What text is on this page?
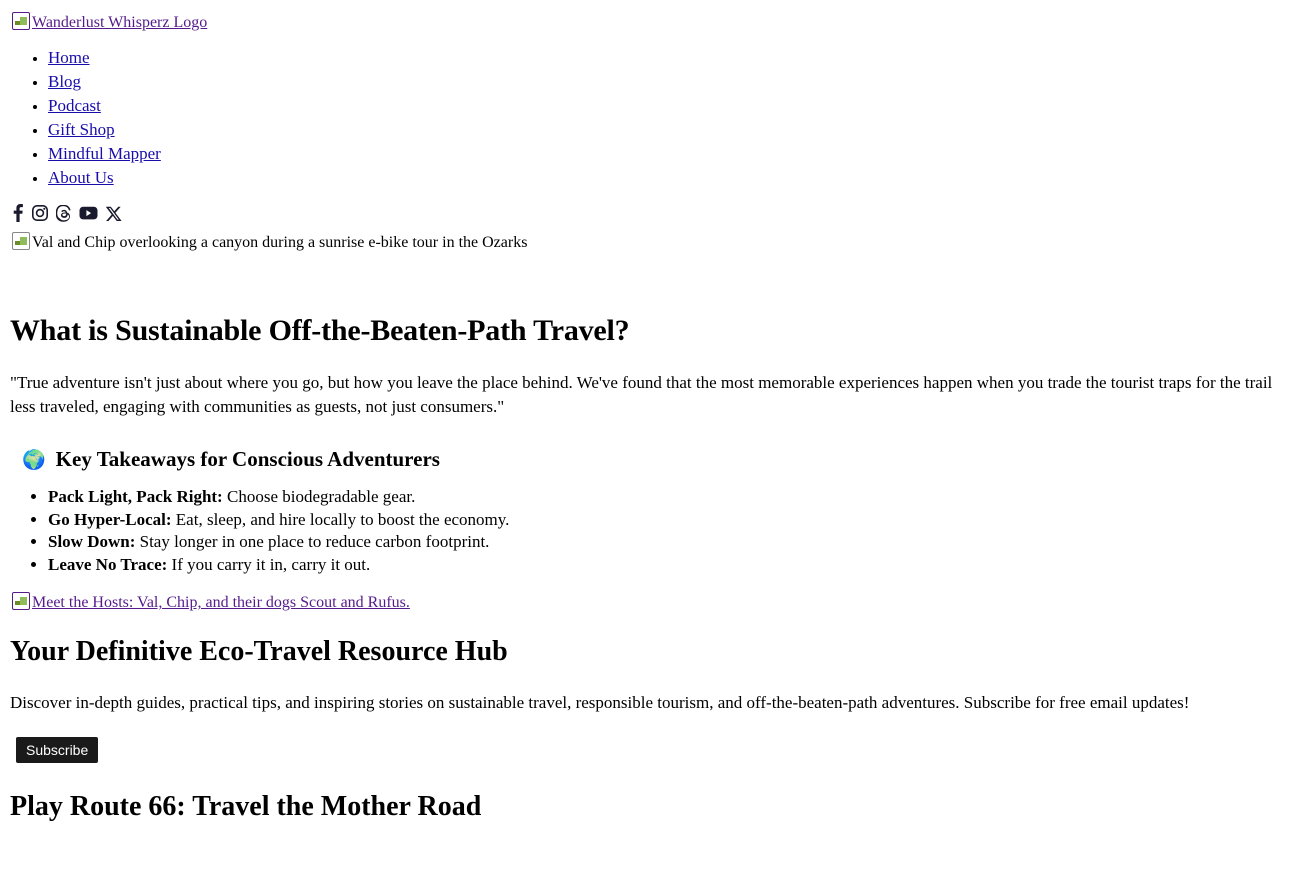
Wanderlust Whisperz Logo
• Home
• Blog
• Podcast
• Gift Shop
• Mindful Mapper
• About Us

Val and Chip overlooking a canyon during a sunrise e-bike tour in the Ozarks
What is Sustainable Off-the-Beaten-Path Travel?

"True adventure isn't just about where you go, but how you leave the place behind. We've found that the most memorable experiences happen when you trade the tourist traps for the trail less traveled, engaging with communities as guests, not just consumers."

🌍 Key Takeaways for Conscious Adventurers
• Pack Light, Pack Right: Choose biodegradable gear.
• Go Hyper-Local: Eat, sleep, and hire locally to boost the economy.
• Slow Down: Stay longer in one place to reduce carbon footprint.
• Leave No Trace: If you carry it in, carry it out.
Meet the Hosts: Val, Chip, and their dogs Scout and Rufus.
Your Definitive Eco-Travel Resource Hub

Discover in-depth guides, practical tips, and inspiring stories on sustainable travel, responsible tourism, and off-the-beaten-path adventures. Subscribe for free email updates!

Subscribe
Play Route 66: Travel the Mother Road
